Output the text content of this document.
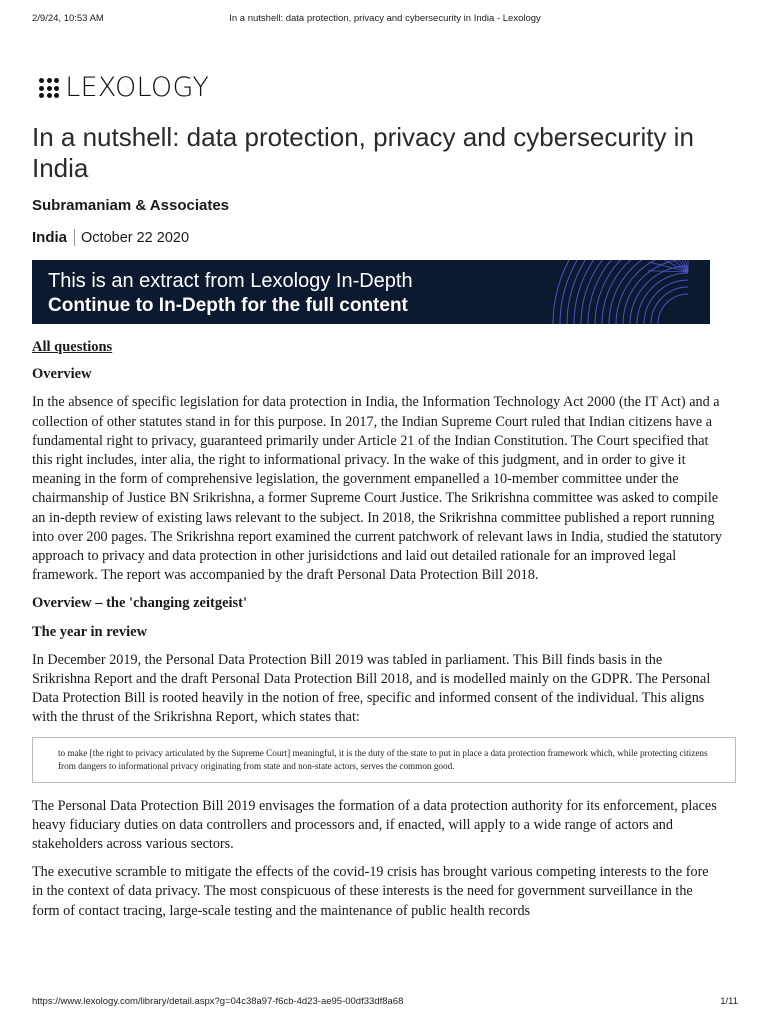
2/9/24, 10:53 AM	In a nutshell: data protection, privacy and cybersecurity in India - Lexology
LEXOLOGY
In a nutshell: data protection, privacy and cybersecurity in India
Subramaniam & Associates
India October 22 2020
This is an extract from Lexology In-Depth
Continue to In-Depth for the full content
All questions
Overview

In the absence of specific legislation for data protection in India, the Information Technology Act 2000 (the IT Act) and a collection of other statutes stand in for this purpose. In 2017, the Indian Supreme Court ruled that Indian citizens have a fundamental right to privacy, guaranteed primarily under Article 21 of the Indian Constitution. The Court specified that this right includes, inter alia, the right to informational privacy. In the wake of this judgment, and in order to give it meaning in the form of comprehensive legislation, the government empanelled a 10-member committee under the chairmanship of Justice BN Srikrishna, a former Supreme Court Justice. The Srikrishna committee was asked to compile an in-depth review of existing laws relevant to the subject. In 2018, the Srikrishna committee published a report running into over 200 pages. The Srikrishna report examined the current patchwork of relevant laws in India, studied the statutory approach to privacy and data protection in other jurisidctions and laid out detailed rationale for an improved legal framework. The report was accompanied by the draft Personal Data Protection Bill 2018.

Overview – the 'changing zeitgeist'
The year in review

In December 2019, the Personal Data Protection Bill 2019 was tabled in parliament. This Bill finds basis in the Srikrishna Report and the draft Personal Data Protection Bill 2018, and is modelled mainly on the GDPR. The Personal Data Protection Bill is rooted heavily in the notion of free, specific and informed consent of the individual. This aligns with the thrust of the Srikrishna Report, which states that:

to make [the right to privacy articulated by the Supreme Court] meaningful, it is the duty of the state to put in place a data protection framework which, while protecting citizens from dangers to informational privacy originating from state and non-state actors, serves the common good.

The Personal Data Protection Bill 2019 envisages the formation of a data protection authority for its enforcement, places heavy fiduciary duties on data controllers and processors and, if enacted, will apply to a wide range of actors and stakeholders across various sectors.

The executive scramble to mitigate the effects of the covid-19 crisis has brought various competing interests to the fore in the context of data privacy. The most conspicuous of these interests is the need for government surveillance in the form of contact tracing, large-scale testing and the maintenance of public health records

https://www.lexology.com/library/detail.aspx?g=04c38a97-f6cb-4d23-ae95-00df33df8a68	1/11
